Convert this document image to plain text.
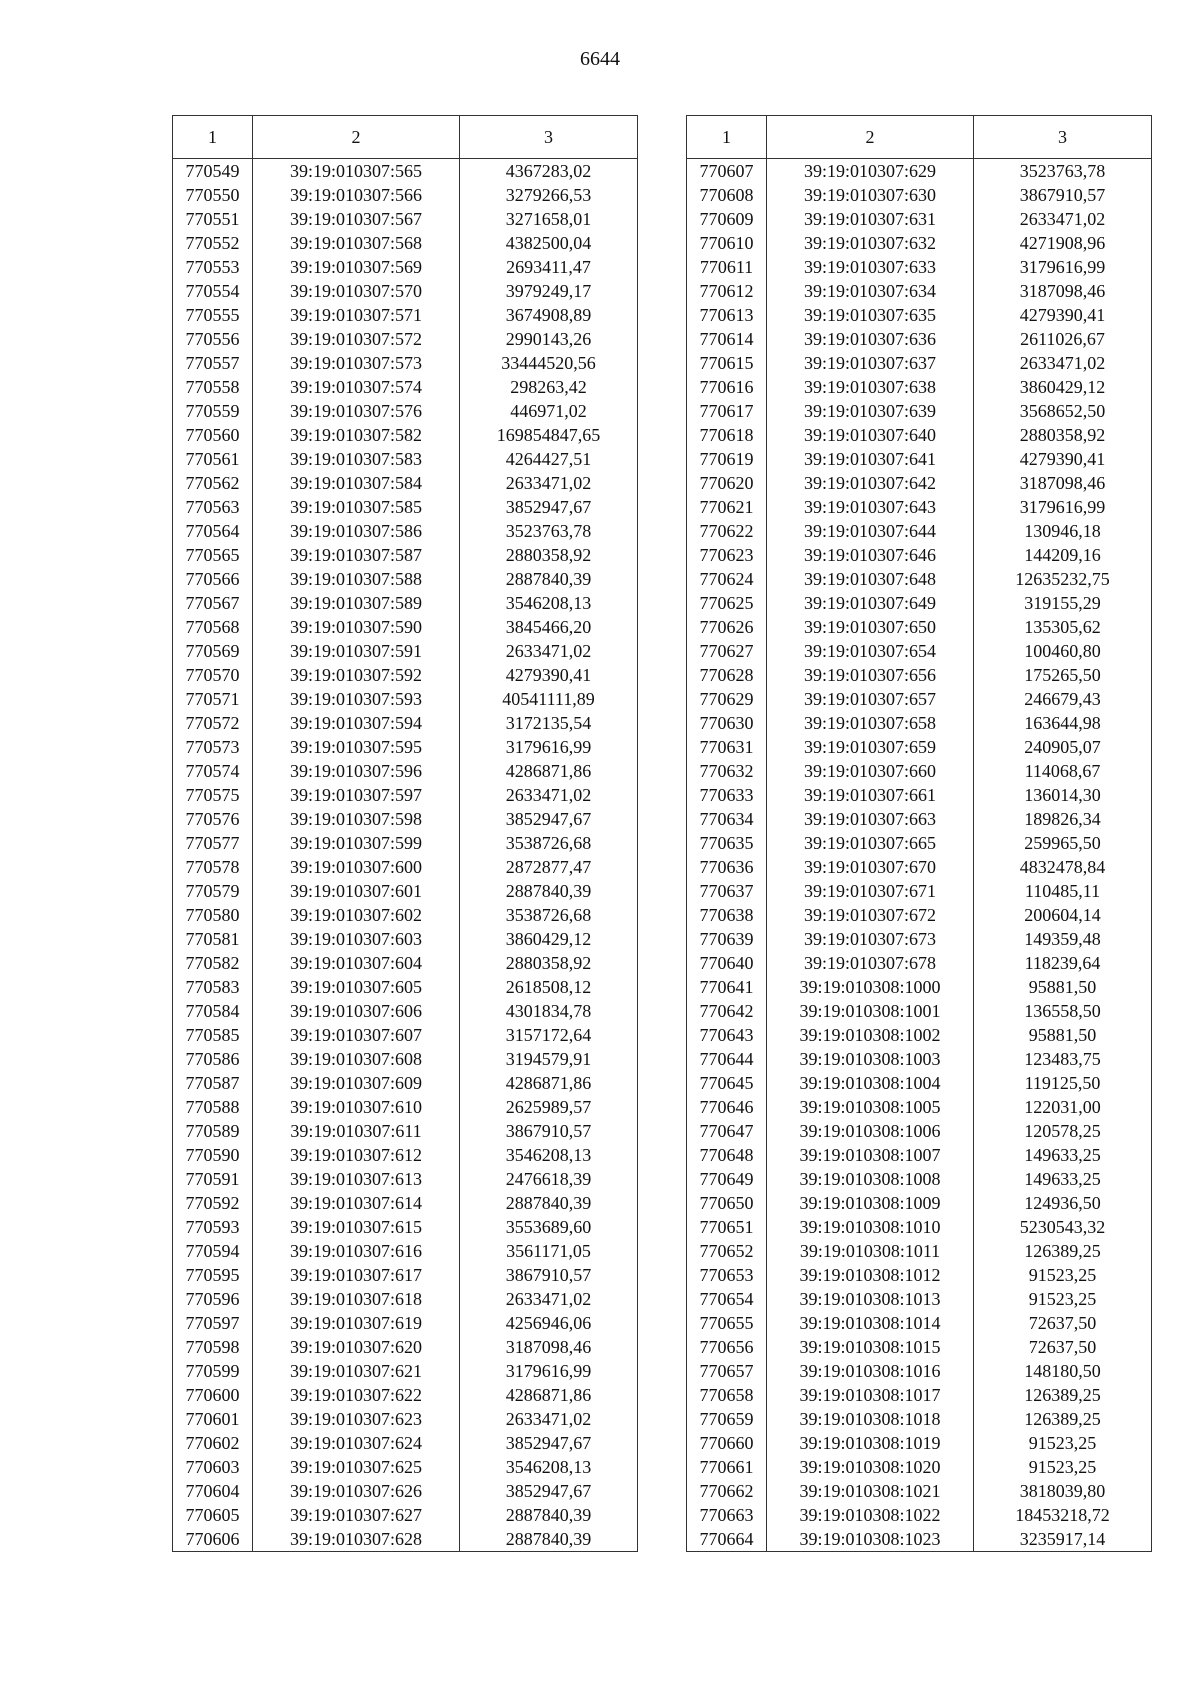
6644
1	2	3
770549	39:19:010307:565	4367283,02
770550	39:19:010307:566	3279266,53
770551	39:19:010307:567	3271658,01
770552	39:19:010307:568	4382500,04
770553	39:19:010307:569	2693411,47
770554	39:19:010307:570	3979249,17
770555	39:19:010307:571	3674908,89
770556	39:19:010307:572	2990143,26
770557	39:19:010307:573	33444520,56
770558	39:19:010307:574	298263,42
770559	39:19:010307:576	446971,02
770560	39:19:010307:582	169854847,65
770561	39:19:010307:583	4264427,51
770562	39:19:010307:584	2633471,02
770563	39:19:010307:585	3852947,67
770564	39:19:010307:586	3523763,78
770565	39:19:010307:587	2880358,92
770566	39:19:010307:588	2887840,39
770567	39:19:010307:589	3546208,13
770568	39:19:010307:590	3845466,20
770569	39:19:010307:591	2633471,02
770570	39:19:010307:592	4279390,41
770571	39:19:010307:593	40541111,89
770572	39:19:010307:594	3172135,54
770573	39:19:010307:595	3179616,99
770574	39:19:010307:596	4286871,86
770575	39:19:010307:597	2633471,02
770576	39:19:010307:598	3852947,67
770577	39:19:010307:599	3538726,68
770578	39:19:010307:600	2872877,47
770579	39:19:010307:601	2887840,39
770580	39:19:010307:602	3538726,68
770581	39:19:010307:603	3860429,12
770582	39:19:010307:604	2880358,92
770583	39:19:010307:605	2618508,12
770584	39:19:010307:606	4301834,78
770585	39:19:010307:607	3157172,64
770586	39:19:010307:608	3194579,91
770587	39:19:010307:609	4286871,86
770588	39:19:010307:610	2625989,57
770589	39:19:010307:611	3867910,57
770590	39:19:010307:612	3546208,13
770591	39:19:010307:613	2476618,39
770592	39:19:010307:614	2887840,39
770593	39:19:010307:615	3553689,60
770594	39:19:010307:616	3561171,05
770595	39:19:010307:617	3867910,57
770596	39:19:010307:618	2633471,02
770597	39:19:010307:619	4256946,06
770598	39:19:010307:620	3187098,46
770599	39:19:010307:621	3179616,99
770600	39:19:010307:622	4286871,86
770601	39:19:010307:623	2633471,02
770602	39:19:010307:624	3852947,67
770603	39:19:010307:625	3546208,13
770604	39:19:010307:626	3852947,67
770605	39:19:010307:627	2887840,39
770606	39:19:010307:628	2887840,39
1	2	3
770607	39:19:010307:629	3523763,78
770608	39:19:010307:630	3867910,57
770609	39:19:010307:631	2633471,02
770610	39:19:010307:632	4271908,96
770611	39:19:010307:633	3179616,99
770612	39:19:010307:634	3187098,46
770613	39:19:010307:635	4279390,41
770614	39:19:010307:636	2611026,67
770615	39:19:010307:637	2633471,02
770616	39:19:010307:638	3860429,12
770617	39:19:010307:639	3568652,50
770618	39:19:010307:640	2880358,92
770619	39:19:010307:641	4279390,41
770620	39:19:010307:642	3187098,46
770621	39:19:010307:643	3179616,99
770622	39:19:010307:644	130946,18
770623	39:19:010307:646	144209,16
770624	39:19:010307:648	12635232,75
770625	39:19:010307:649	319155,29
770626	39:19:010307:650	135305,62
770627	39:19:010307:654	100460,80
770628	39:19:010307:656	175265,50
770629	39:19:010307:657	246679,43
770630	39:19:010307:658	163644,98
770631	39:19:010307:659	240905,07
770632	39:19:010307:660	114068,67
770633	39:19:010307:661	136014,30
770634	39:19:010307:663	189826,34
770635	39:19:010307:665	259965,50
770636	39:19:010307:670	4832478,84
770637	39:19:010307:671	110485,11
770638	39:19:010307:672	200604,14
770639	39:19:010307:673	149359,48
770640	39:19:010307:678	118239,64
770641	39:19:010308:1000	95881,50
770642	39:19:010308:1001	136558,50
770643	39:19:010308:1002	95881,50
770644	39:19:010308:1003	123483,75
770645	39:19:010308:1004	119125,50
770646	39:19:010308:1005	122031,00
770647	39:19:010308:1006	120578,25
770648	39:19:010308:1007	149633,25
770649	39:19:010308:1008	149633,25
770650	39:19:010308:1009	124936,50
770651	39:19:010308:1010	5230543,32
770652	39:19:010308:1011	126389,25
770653	39:19:010308:1012	91523,25
770654	39:19:010308:1013	91523,25
770655	39:19:010308:1014	72637,50
770656	39:19:010308:1015	72637,50
770657	39:19:010308:1016	148180,50
770658	39:19:010308:1017	126389,25
770659	39:19:010308:1018	126389,25
770660	39:19:010308:1019	91523,25
770661	39:19:010308:1020	91523,25
770662	39:19:010308:1021	3818039,80
770663	39:19:010308:1022	18453218,72
770664	39:19:010308:1023	3235917,14
